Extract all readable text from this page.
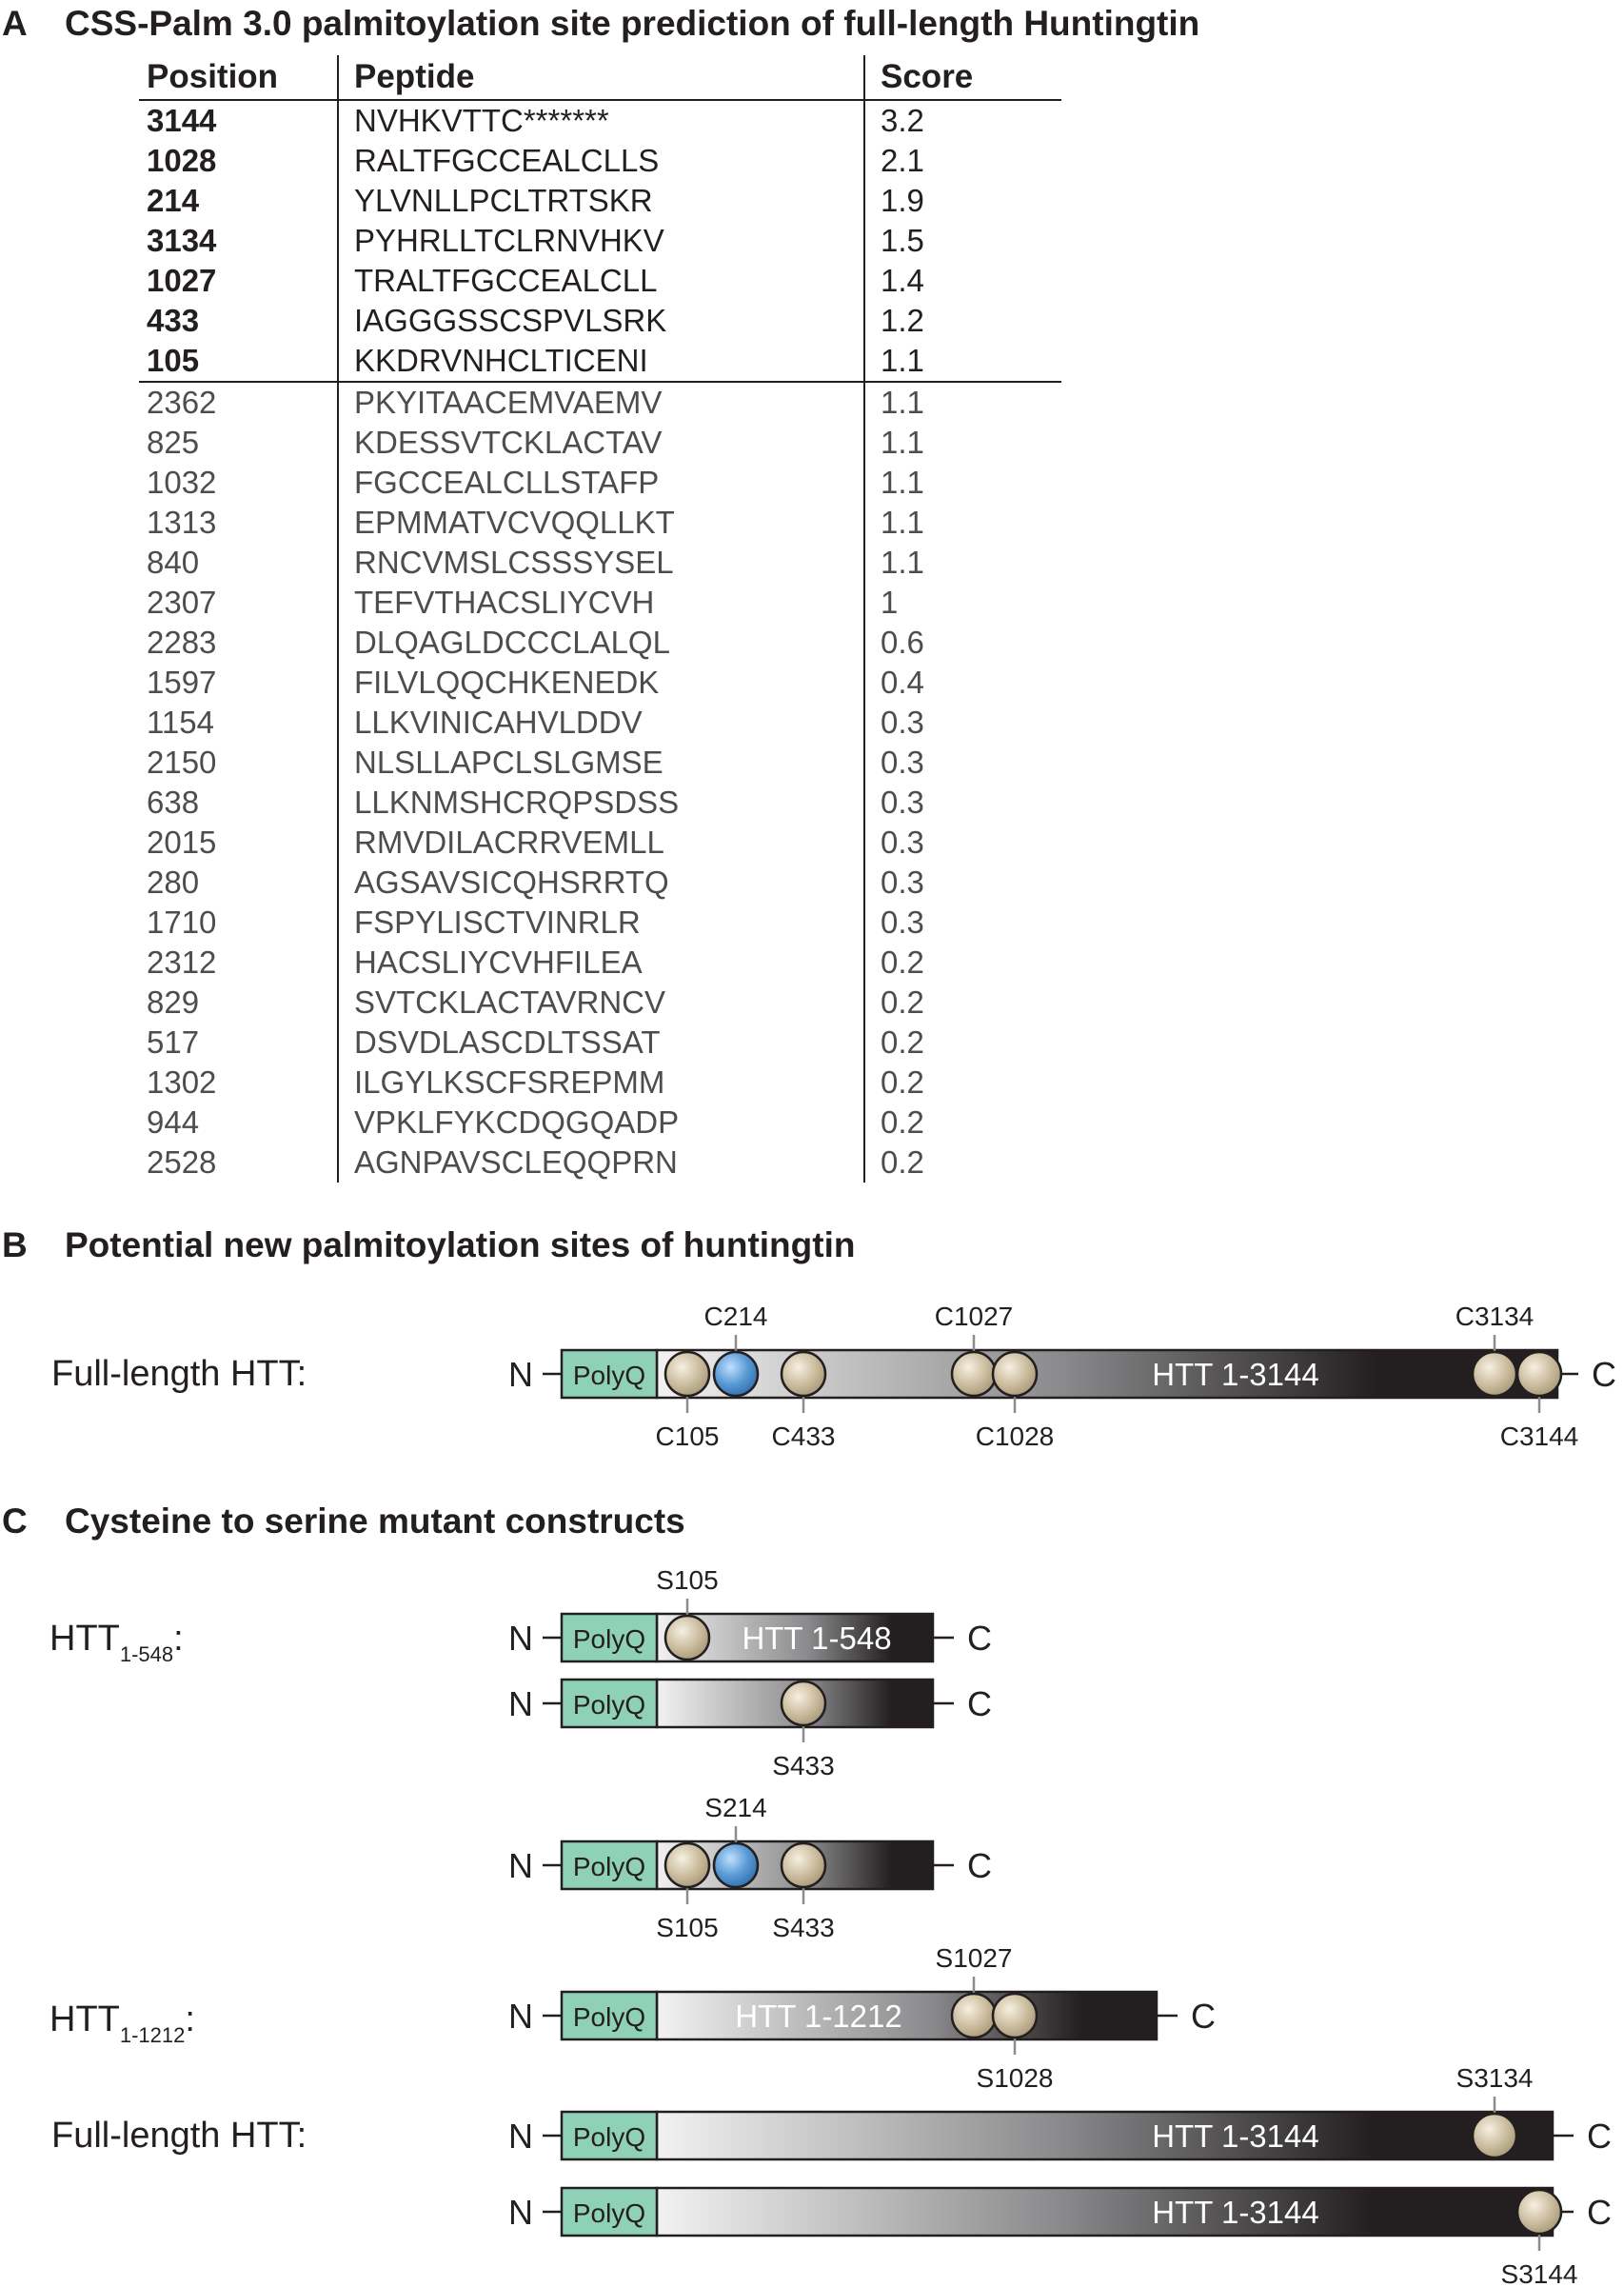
A CSS-Palm 3.0 palmitoylation site prediction of full-length Huntingtin
Position	Peptide	Score
3144	NVHKVTTC*******	3.2
1028	RALTFGCCEALCLLS	2.1
214	YLVNLLPCLTRTSKR	1.9
3134	PYHRLLTCLRNVHKV	1.5
1027	TRALTFGCCEALCLL	1.4
433	IAGGGSSCSPVLSRK	1.2
105	KKDRVNHCLTICENI	1.1
2362	PKYITAACEMVAEMV	1.1
825	KDESSVTCKLACTAV	1.1
1032	FGCCEALCLLSTAFP	1.1
1313	EPMMATVCVQQLLKT	1.1
840	RNCVMSLCSSSYSEL	1.1
2307	TEFVTHACSLIYCVH	1
2283	DLQAGLDCCCLALQL	0.6
1597	FILVLQQCHKENEDK	0.4
1154	LLKVINICAHVLDDV	0.3
2150	NLSLLAPCLSLGMSE	0.3
638	LLKNMSHCRQPSDSS	0.3
2015	RMVDILACRRVEMLL	0.3
280	AGSAVSICQHSRRTQ	0.3
1710	FSPYLISCTVINRLR	0.3
2312	HACSLIYCVHFILEA	0.2
829	SVTCKLACTAVRNCV	0.2
517	DSVDLASCDLTSSAT	0.2
1302	ILGYLKSCFSREPMM	0.2
944	VPKLFYKCDQGQADP	0.2
2528	AGNPAVSCLEQQPRN	0.2
B Potential new palmitoylation sites of huntingtin
Full-length HTT:
C Cysteine to serine mutant constructs
$HTT_{1-548}$:
$HTT_{1-1212}$:
Full-length HTT:
N	C
PolyQ	HTT 1-3144
C105
C214
C433
C1027
C1028
C3134
C3144
N	C
PolyQ	HTT 1-548
S105
N	C
PolyQ
S433
N	C
PolyQ
S105
S214
S433
N	C
PolyQ	HTT 1-1212
S1027
S1028
N	C
PolyQ	HTT 1-3144
S3134
N	C
PolyQ	HTT 1-3144
S3144
